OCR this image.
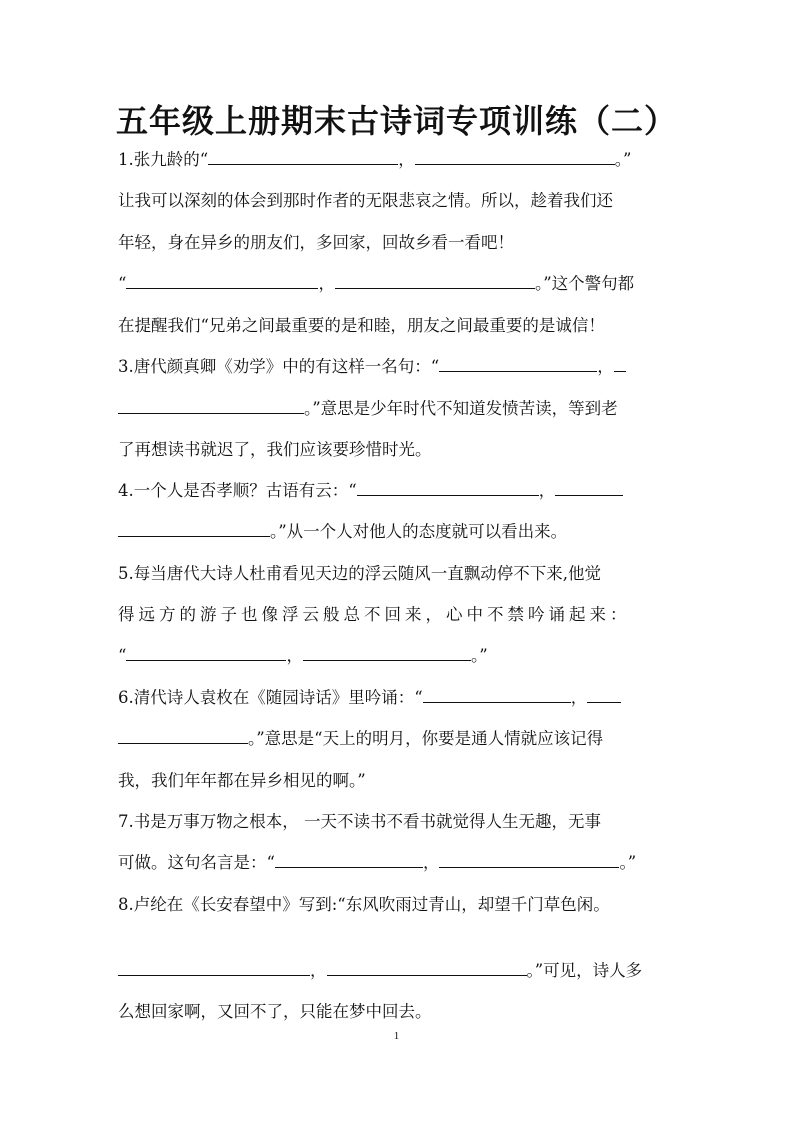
五年级上册期末古诗词专项训练（二）
1.张九龄的“	，	。”
让我可以深刻的体会到那时作者的无限悲哀之情。所以，趁着我们还
年轻，身在异乡的朋友们，多回家，回故乡看一看吧！
“	，	。”这个警句都
在提醒我们“兄弟之间最重要的是和睦，朋友之间最重要的是诚信！
3.唐代颜真卿《劝学》中的有这样一名句：“	，
。”意思是少年时代不知道发愤苦读，等到老
了再想读书就迟了，我们应该要珍惜时光。
4.一个人是否孝顺？古语有云：“	，
。”从一个人对他人的态度就可以看出来。
5.每当唐代大诗人杜甫看见天边的浮云随风一直飘动停不下来,他觉
得远方的游子也像浮云般总不回来，心中不禁吟诵起来：
“	，	。”
6.清代诗人袁枚在《随园诗话》里吟诵：“	，
。”意思是“天上的明月，你要是通人情就应该记得
我，我们年年都在异乡相见的啊。”
7.书是万事万物之根本， 一天不读书不看书就觉得人生无趣，无事
可做。这句名言是：“	，	。”
8.卢纶在《长安春望中》写到:“东风吹雨过青山，却望千门草色闲。
，	。”可见，诗人多
么想回家啊，又回不了，只能在梦中回去。
1
